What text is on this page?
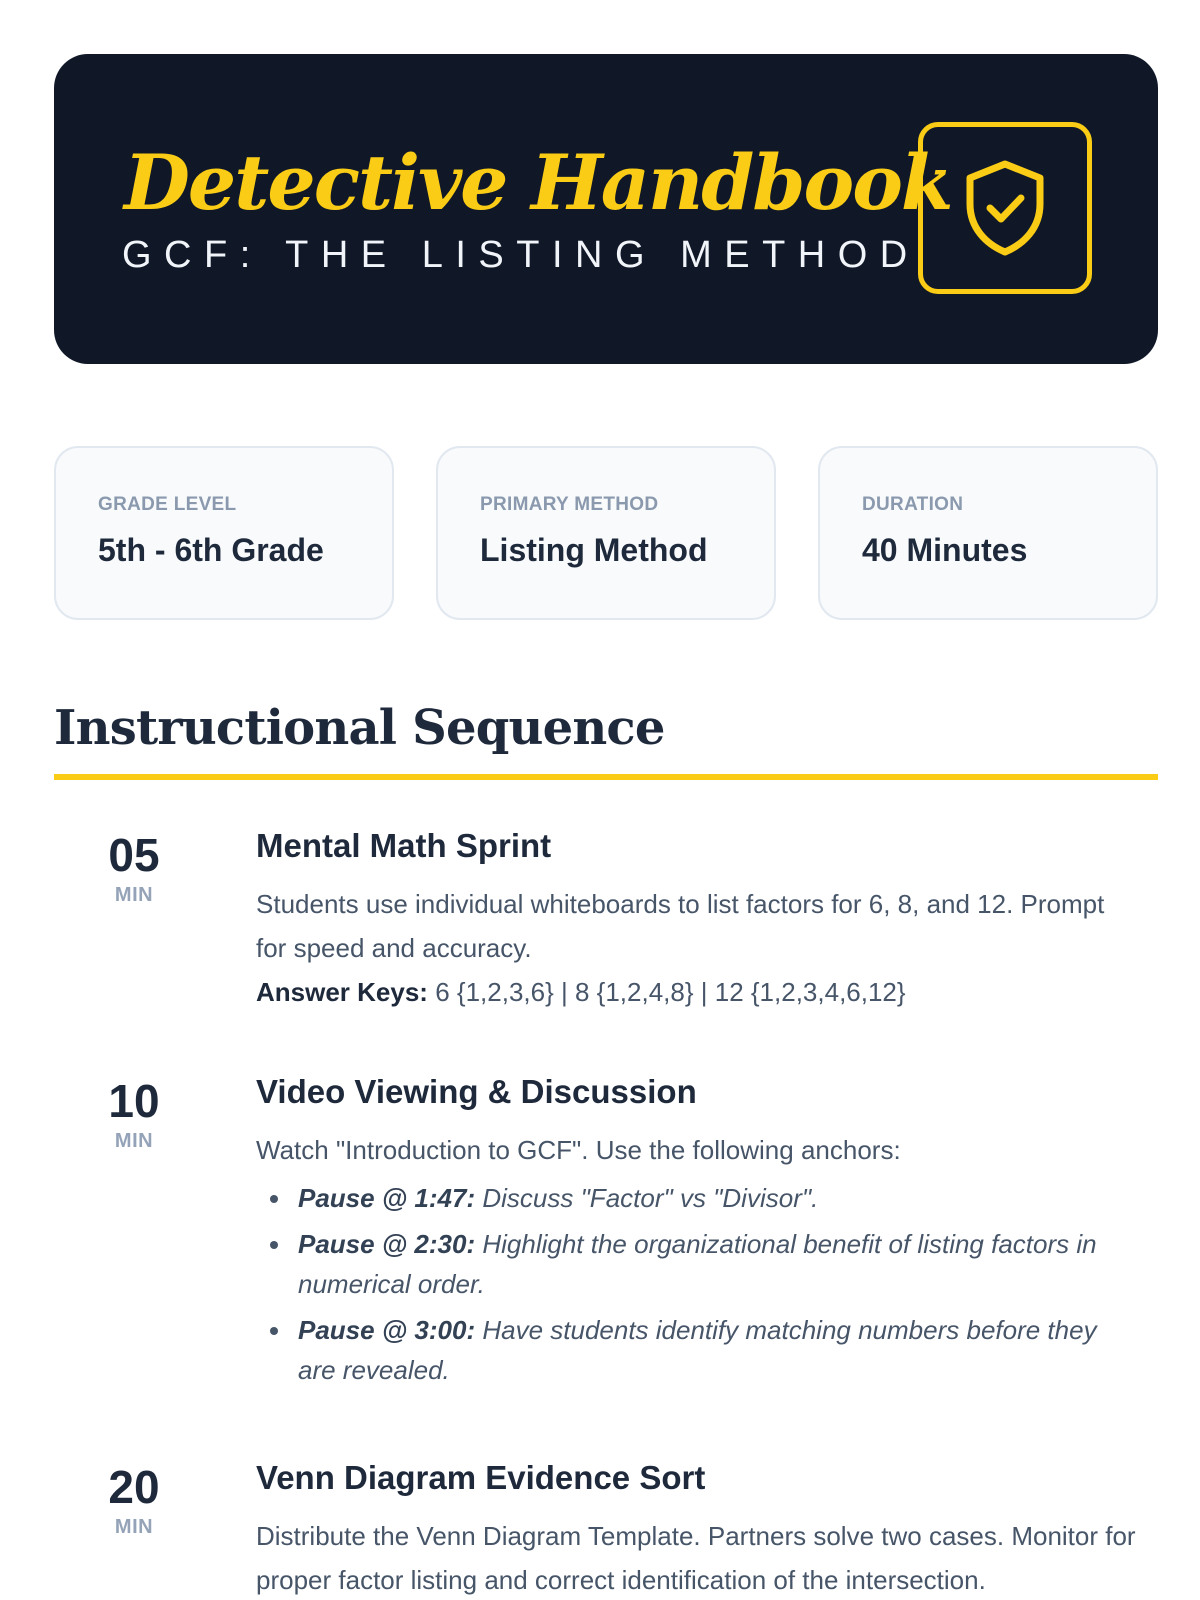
Detective Handbook
GCF: THE LISTING METHOD
GRADE LEVEL
5th - 6th Grade
PRIMARY METHOD
Listing Method
DURATION
40 Minutes
Instructional Sequence
05
MIN
Mental Math Sprint
Students use individual whiteboards to list factors for 6, 8, and 12. Prompt for speed and accuracy.
Answer Keys: 6 {1,2,3,6} | 8 {1,2,4,8} | 12 {1,2,3,4,6,12}
10
MIN
Video Viewing & Discussion
Watch "Introduction to GCF". Use the following anchors:
Pause @ 1:47: Discuss "Factor" vs "Divisor".
Pause @ 2:30: Highlight the organizational benefit of listing factors in numerical order.
Pause @ 3:00: Have students identify matching numbers before they are revealed.
20
MIN
Venn Diagram Evidence Sort
Distribute the Venn Diagram Template. Partners solve two cases. Monitor for proper factor listing and correct identification of the intersection.
